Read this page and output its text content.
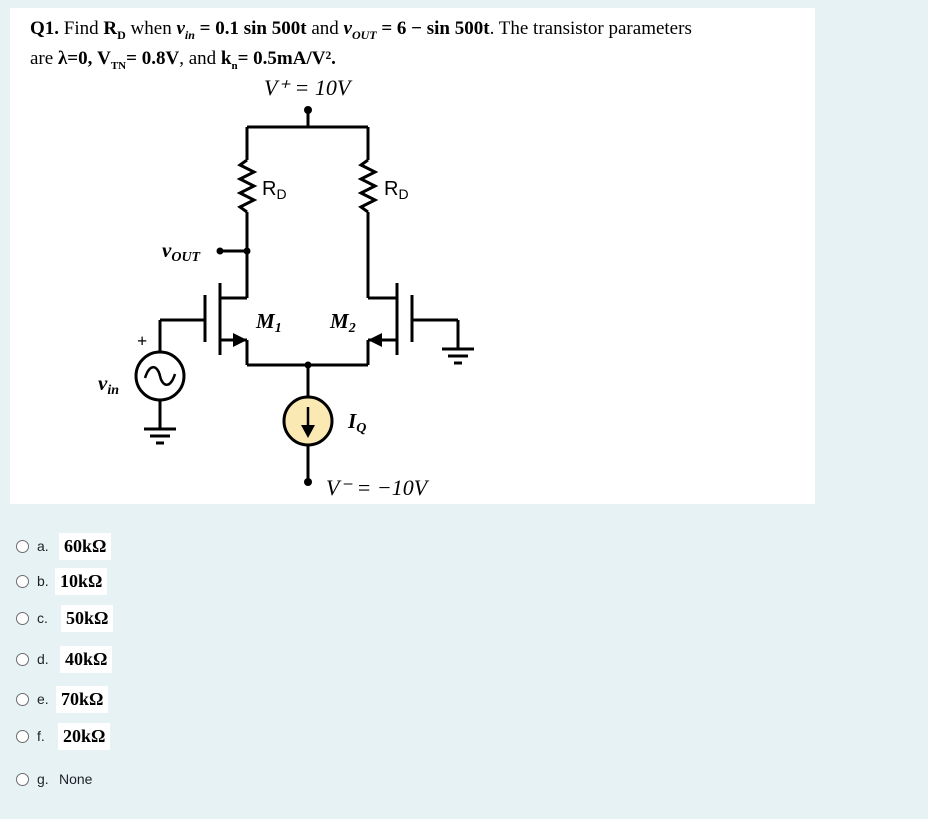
Q1. Find $R_D$ when $v_{in} = 0.1$ sin 500t and $v_{OUT} = 6 - \sin 500t$. The transistor parameters
are λ=0, $V_{TN}= 0.8V$, and $k_n= 0.5mA/V^2$.
V⁺ = 10V
V⁻ = −10V
$R_D$	$R_D$
vOUT
M1 M2
vin
+
IQ
a. 60kΩ
b. 10kΩ
c.	50kΩ
d. 40kΩ
e. 70kΩ
f.	20kΩ
g. None
